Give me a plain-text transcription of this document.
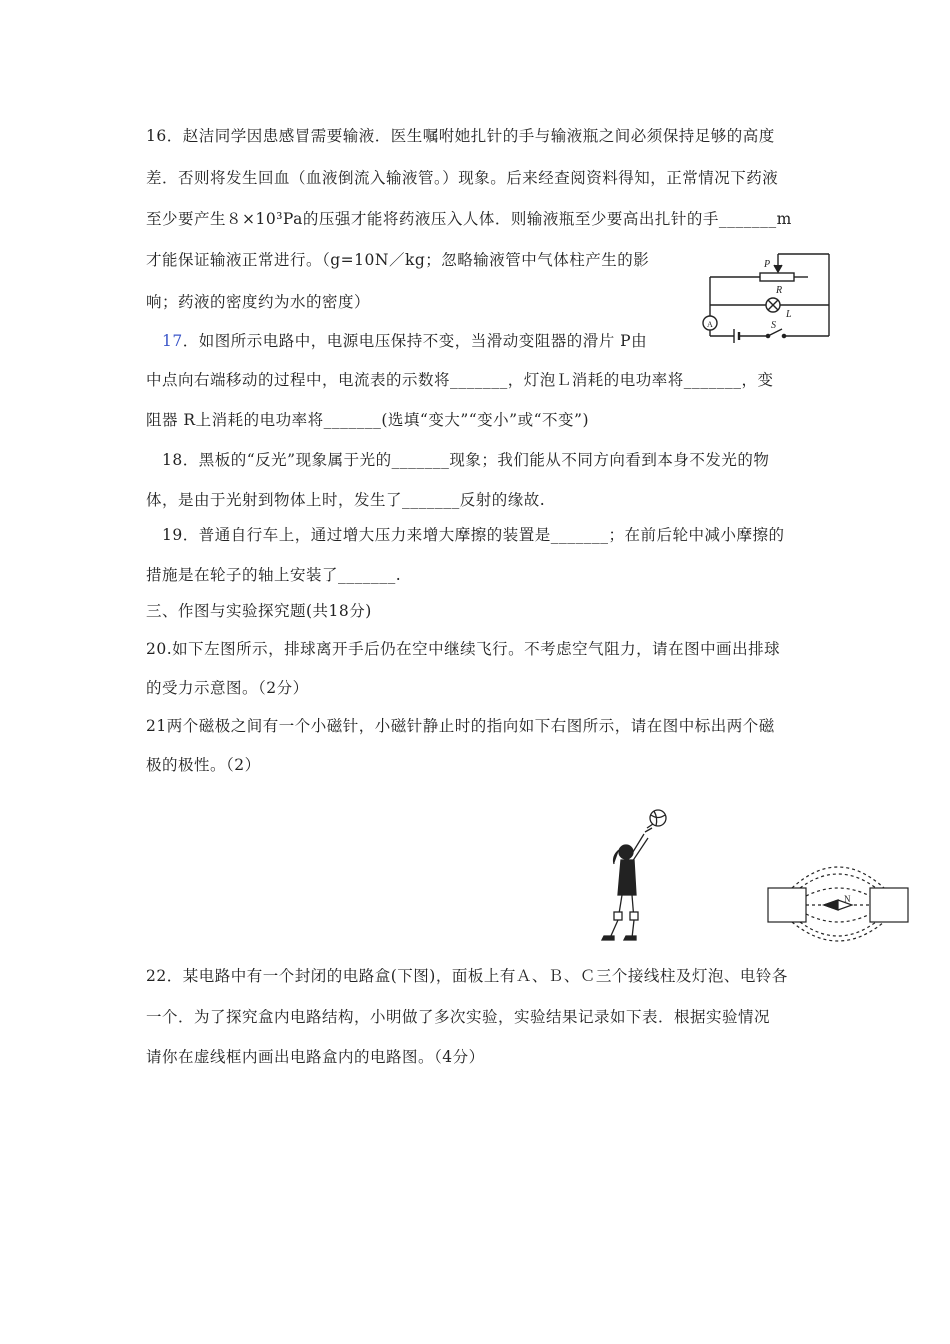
16．赵洁同学因患感冒需要输液．医生嘱咐她扎针的手与输液瓶之间必须保持足够的高度
差．否则将发生回血（血液倒流入输液管。）现象。后来经查阅资料得知，正常情况下药液
至少要产生８×10³Pa的压强才能将药液压入人体．则输液瓶至少要高出扎针的手_______m
才能保证输液正常进行。（g=10N／kg；忽略输液管中气体柱产生的影
响；药液的密度约为水的密度）
17．如图所示电路中，电源电压保持不变，当滑动变阻器的滑片 P由
中点向右端移动的过程中，电流表的示数将_______，灯泡Ｌ消耗的电功率将_______，变
阻器 R上消耗的电功率将_______(选填“变大”“变小”或“不变”)
18．黑板的“反光”现象属于光的_______现象；我们能从不同方向看到本身不发光的物
体，是由于光射到物体上时，发生了_______反射的缘故.
19．普通自行车上，通过增大压力来增大摩擦的装置是_______；在前后轮中减小摩擦的
措施是在轮子的轴上安装了_______.
三、作图与实验探究题(共18分)
20.如下左图所示，排球离开手后仍在空中继续飞行。不考虑空气阻力，请在图中画出排球
的受力示意图。（2分）
21两个磁极之间有一个小磁针，小磁针静止时的指向如下右图所示，请在图中标出两个磁
极的极性。（2）
22．某电路中有一个封闭的电路盒(下图)，面板上有Ａ、Ｂ、Ｃ三个接线柱及灯泡、电铃各
一个．为了探究盒内电路结构，小明做了多次实验，实验结果记录如下表．根据实验情况
请你在虚线框内画出电路盒内的电路图。（4分）
P
R
L
A	S
N
